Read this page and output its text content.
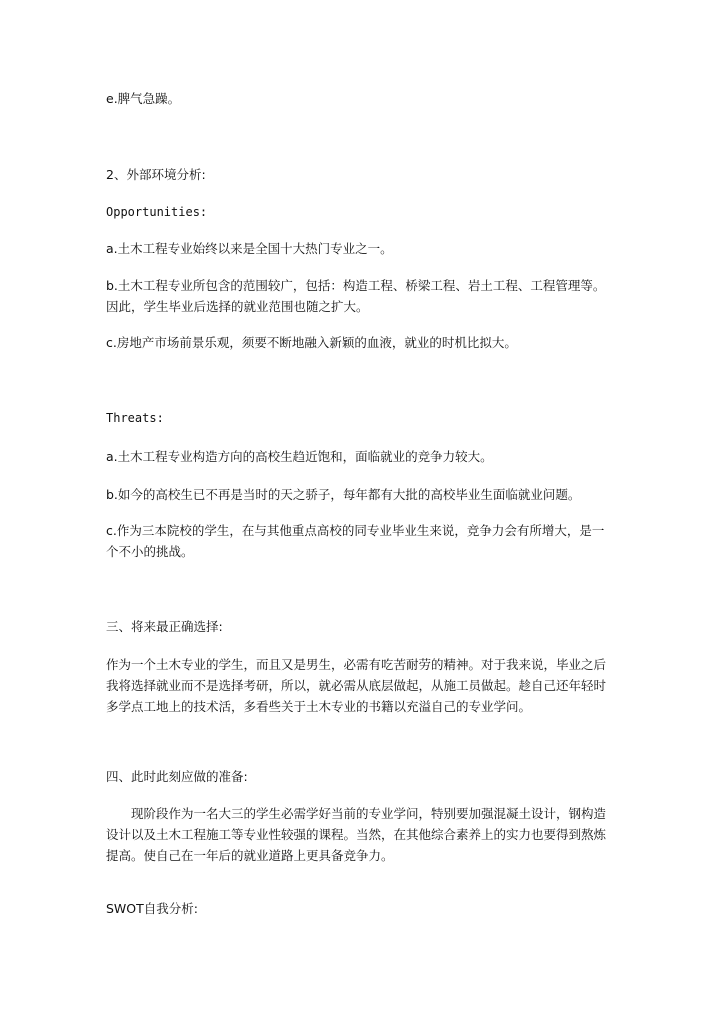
e.脾气急躁。

2、外部环境分析:

Opportunities:

a.土木工程专业始终以来是全国十大热门专业之一。

b.土木工程专业所包含的范围较广，包括：构造工程、桥梁工程、岩土工程、工程管理等。因此，学生毕业后选择的就业范围也随之扩大。

c.房地产市场前景乐观，须要不断地融入新颖的血液，就业的时机比拟大。

Threats:

a.土木工程专业构造方向的高校生趋近饱和，面临就业的竞争力较大。

b.如今的高校生已不再是当时的天之骄子，每年都有大批的高校毕业生面临就业问题。

c.作为三本院校的学生，在与其他重点高校的同专业毕业生来说，竞争力会有所增大，是一个不小的挑战。

三、将来最正确选择:

作为一个土木专业的学生，而且又是男生，必需有吃苦耐劳的精神。对于我来说，毕业之后我将选择就业而不是选择考研，所以，就必需从底层做起，从施工员做起。趁自己还年轻时多学点工地上的技术活，多看些关于土木专业的书籍以充溢自己的专业学问。

四、此时此刻应做的准备:

现阶段作为一名大三的学生必需学好当前的专业学问，特别要加强混凝土设计，钢构造设计以及土木工程施工等专业性较强的课程。当然，在其他综合素养上的实力也要得到熬炼提高。使自己在一年后的就业道路上更具备竞争力。

SWOT自我分析:
